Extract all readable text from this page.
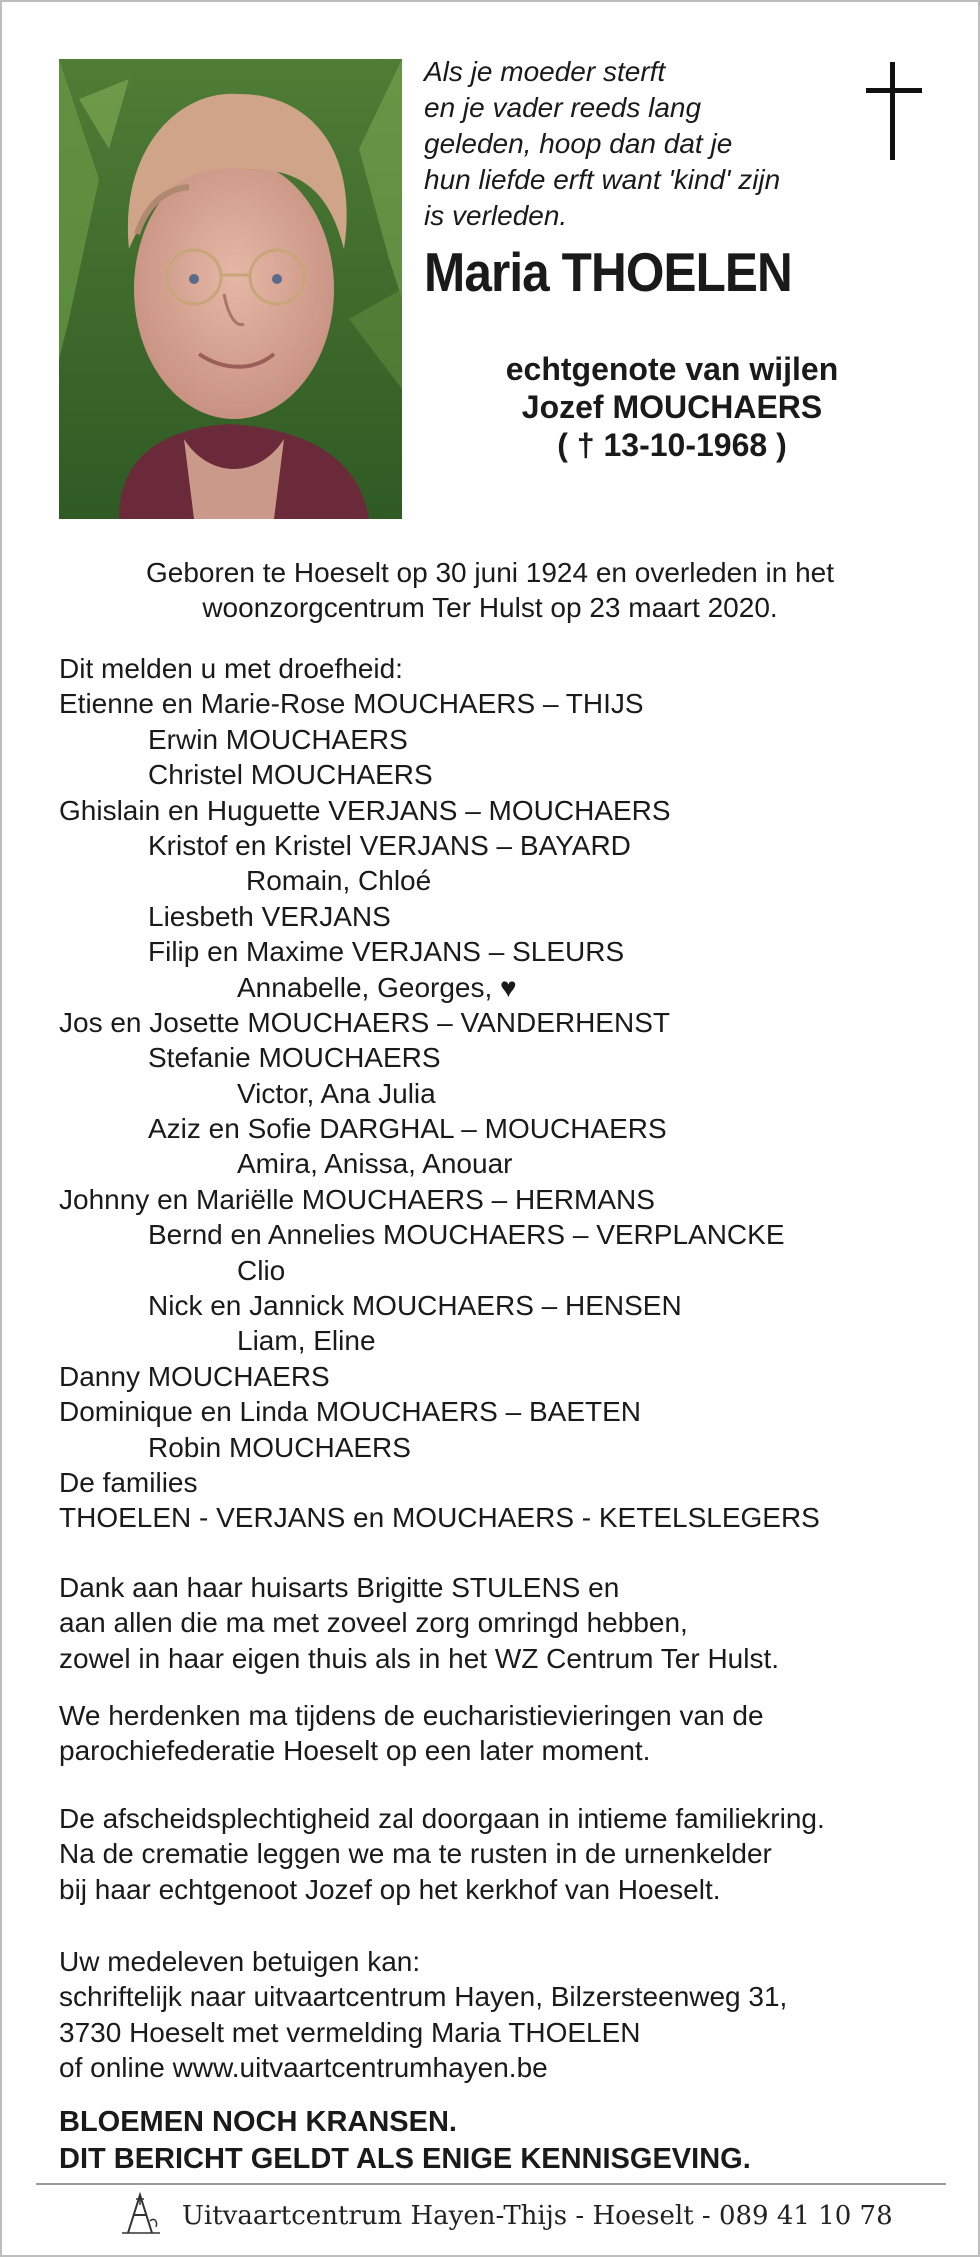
Als je moeder sterft
en je vader reeds lang
geleden, hoop dan dat je
hun liefde erft want 'kind' zijn
is verleden.
Maria THOELEN
echtgenote van wijlen
Jozef MOUCHAERS
( † 13-10-1968 )
Geboren te Hoeselt op 30 juni 1924 en overleden in het
woonzorgcentrum Ter Hulst op 23 maart 2020.
Dit melden u met droefheid:
Etienne en Marie-Rose MOUCHAERS – THIJS
Erwin MOUCHAERS
Christel MOUCHAERS
Ghislain en Huguette VERJANS – MOUCHAERS
Kristof en Kristel VERJANS – BAYARD
Romain, Chloé
Liesbeth VERJANS
Filip en Maxime VERJANS – SLEURS
Annabelle, Georges, ♥
Jos en Josette MOUCHAERS – VANDERHENST
Stefanie MOUCHAERS
Victor, Ana Julia
Aziz en Sofie DARGHAL – MOUCHAERS
Amira, Anissa, Anouar
Johnny en Mariëlle MOUCHAERS – HERMANS
Bernd en Annelies MOUCHAERS – VERPLANCKE
Clio
Nick en Jannick MOUCHAERS – HENSEN
Liam, Eline
Danny MOUCHAERS
Dominique en Linda MOUCHAERS – BAETEN
Robin MOUCHAERS
De families
THOELEN - VERJANS en MOUCHAERS - KETELSLEGERS
Dank aan haar huisarts Brigitte STULENS en
aan allen die ma met zoveel zorg omringd hebben,
zowel in haar eigen thuis als in het WZ Centrum Ter Hulst.
We herdenken ma tijdens de eucharistievieringen van de
parochiefederatie Hoeselt op een later moment.
De afscheidsplechtigheid zal doorgaan in intieme familiekring.
Na de crematie leggen we ma te rusten in de urnenkelder
bij haar echtgenoot Jozef op het kerkhof van Hoeselt.
Uw medeleven betuigen kan:
schriftelijk naar uitvaartcentrum Hayen, Bilzersteenweg 31,
3730 Hoeselt met vermelding Maria THOELEN
of online www.uitvaartcentrumhayen.be
BLOEMEN NOCH KRANSEN.
DIT BERICHT GELDT ALS ENIGE KENNISGEVING.
Uitvaartcentrum Hayen-Thijs - Hoeselt - 089 41 10 78
